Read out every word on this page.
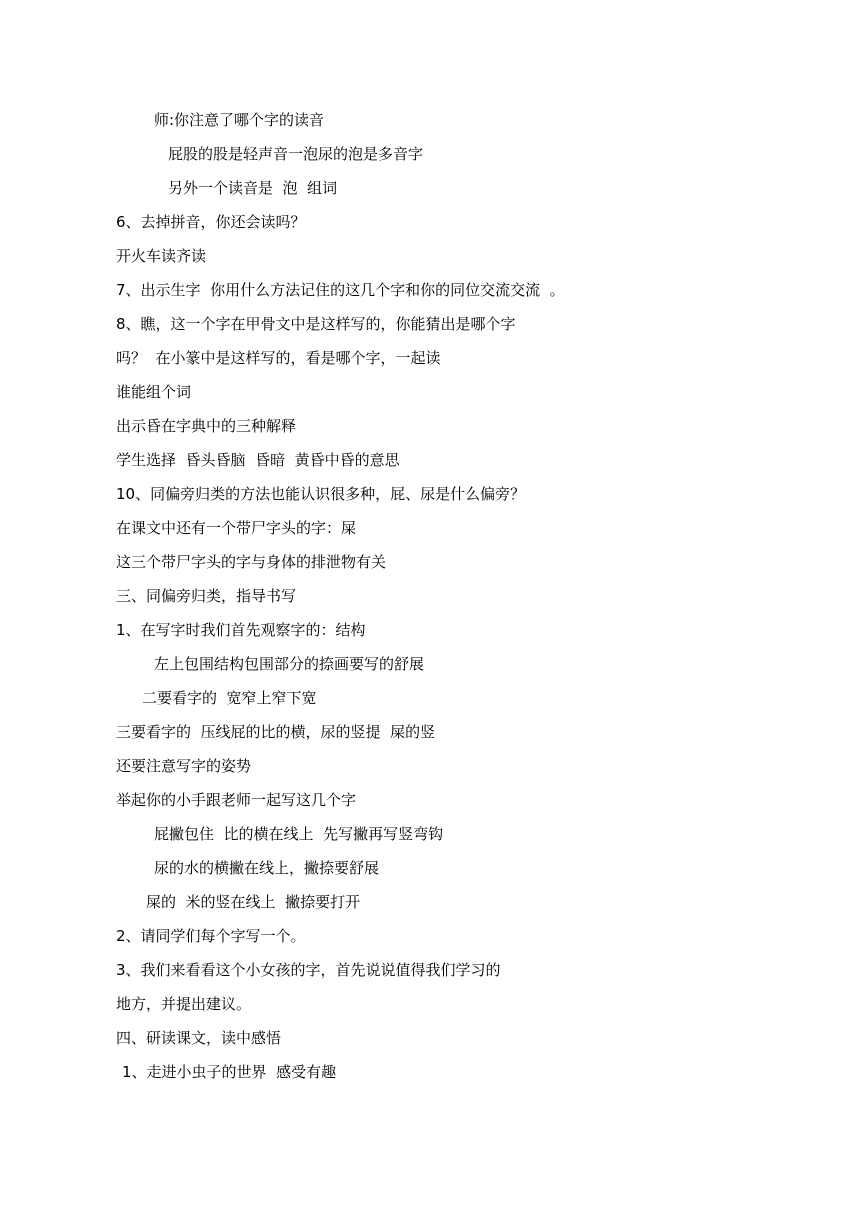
师:你注意了哪个字的读音
屁股的股是轻声音一泡尿的泡是多音字
另外一个读音是  泡  组词
6、去掉拼音，你还会读吗？
开火车读齐读
7、出示生字  你用什么方法记住的这几个字和你的同位交流交流  。
8、瞧，这一个字在甲骨文中是这样写的，你能猜出是哪个字
吗？  在小篆中是这样写的，看是哪个字，一起读
谁能组个词
出示昏在字典中的三种解释
学生选择  昏头昏脑  昏暗  黄昏中昏的意思
10、同偏旁归类的方法也能认识很多种，屁、尿是什么偏旁？
在课文中还有一个带尸字头的字：屎
这三个带尸字头的字与身体的排泄物有关
三、同偏旁归类，指导书写
1、在写字时我们首先观察字的：结构
左上包围结构包围部分的捺画要写的舒展
二要看字的  宽窄上窄下宽
三要看字的  压线屁的比的横，尿的竖提  屎的竖
还要注意写字的姿势
举起你的小手跟老师一起写这几个字
屁撇包住  比的横在线上  先写撇再写竖弯钩
尿的水的横撇在线上，撇捺要舒展
屎的  米的竖在线上  撇捺要打开
2、请同学们每个字写一个。
3、我们来看看这个小女孩的字，首先说说值得我们学习的
地方，并提出建议。
四、研读课文，读中感悟
1、走进小虫子的世界  感受有趣
